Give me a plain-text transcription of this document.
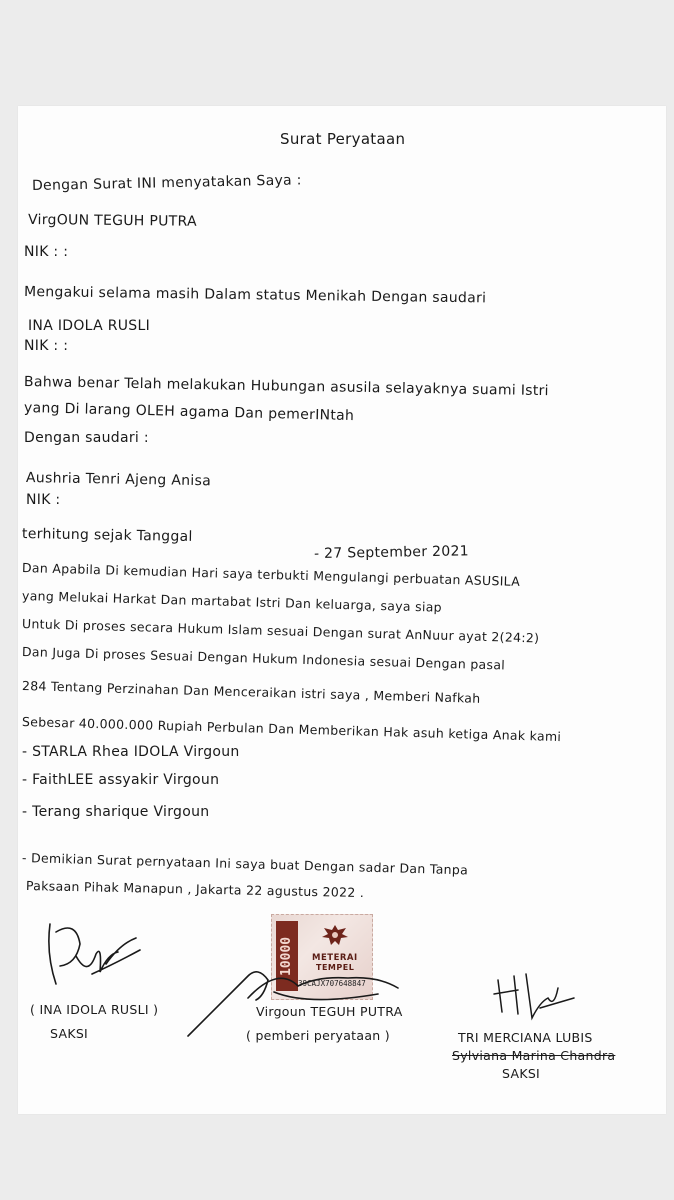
Surat Peryataan
Dengan Surat INI menyatakan Saya :
VirgOUN TEGUH PUTRA
NIK : :
Mengakui selama masih Dalam status Menikah Dengan saudari
INA IDOLA RUSLI
NIK : :
Bahwa benar Telah melakukan Hubungan asusila selayaknya suami Istri
yang Di larang OLEH agama Dan pemerINtah
Dengan saudari :
Aushria Tenri Ajeng Anisa
NIK :
terhitung sejak Tanggal
- 27 September 2021
Dan Apabila Di kemudian Hari saya terbukti Mengulangi perbuatan ASUSILA
yang Melukai Harkat Dan martabat Istri Dan keluarga, saya siap
Untuk Di proses secara Hukum Islam sesuai Dengan surat AnNuur ayat 2(24:2)
Dan Juga Di proses Sesuai Dengan Hukum Indonesia sesuai Dengan pasal
284 Tentang Perzinahan Dan Menceraikan istri saya , Memberi Nafkah
Sebesar 40.000.000 Rupiah Perbulan Dan Memberikan Hak asuh ketiga Anak kami
- STARLA Rhea IDOLA Virgoun
- FaithLEE assyakir Virgoun
- Terang sharique Virgoun
- Demikian Surat pernyataan Ini saya buat Dengan sadar Dan Tanpa
Paksaan Pihak Manapun , Jakarta 22 agustus 2022 .
10000	METERAI
TEMPEL
39CAJX707648847
( INA IDOLA RUSLI )
SAKSI
Virgoun TEGUH PUTRA
( pemberi peryataan )	TRI MERCIANA LUBIS
Sylviana Marina Chandra
SAKSI
